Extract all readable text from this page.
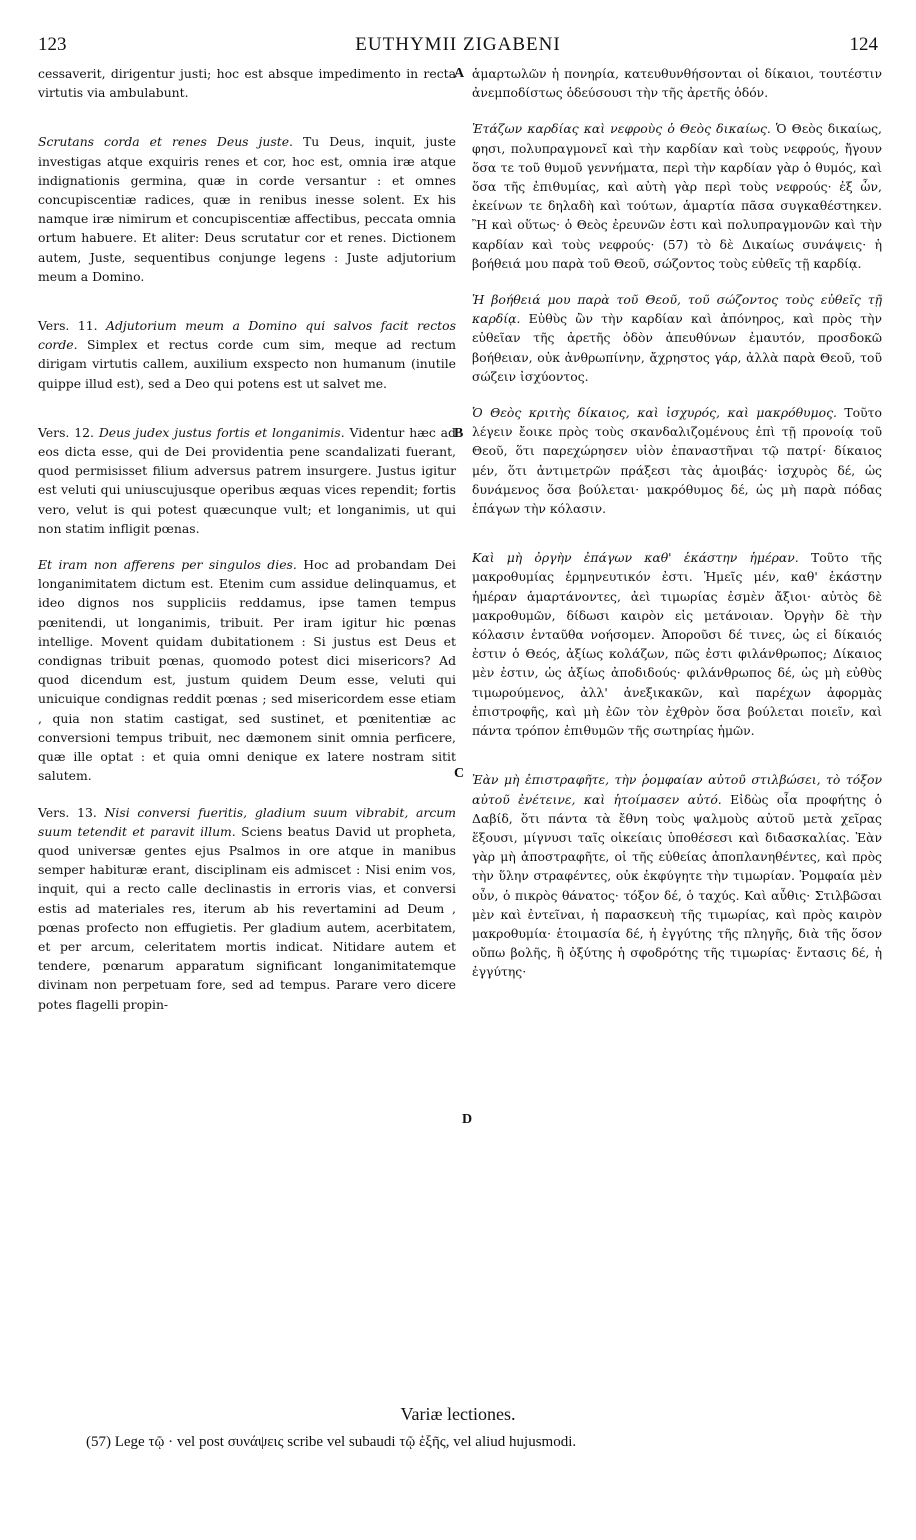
123	EUTHYMII ZIGABENI	124
A
B
C
D

cessaverit, dirigentur justi; hoc est absque impedimento in recta virtutis via ambulabunt.

Scrutans corda et renes Deus juste. Tu Deus, inquit, juste investigas atque exquiris renes et cor, hoc est, omnia iræ atque indignationis germina, quæ in corde versantur : et omnes concupiscentiæ radices, quæ in renibus inesse solent. Ex his namque iræ nimirum et concupiscentiæ affectibus, peccata omnia ortum habuere. Et aliter: Deus scrutatur cor et renes. Dictionem autem, Juste, sequentibus conjunge legens : Juste adjutorium meum a Domino.

Vers. 11. Adjutorium meum a Domino qui salvos facit rectos corde. Simplex et rectus corde cum sim, meque ad rectum dirigam virtutis callem, auxilium exspecto non humanum (inutile quippe illud est), sed a Deo qui potens est ut salvet me.

Vers. 12. Deus judex justus fortis et longanimis. Videntur hæc ad eos dicta esse, qui de Dei providentia pene scandalizati fuerant, quod permisisset filium adversus patrem insurgere. Justus igitur est veluti qui uniuscujusque operibus æquas vices rependit; fortis vero, velut is qui potest quæcunque vult; et longanimis, ut qui non statim infligit pœnas.

Et iram non afferens per singulos dies. Hoc ad probandam Dei longanimitatem dictum est. Etenim cum assidue delinquamus, et ideo dignos nos suppliciis reddamus, ipse tamen tempus pœnitendi, ut longanimis, tribuit. Per iram igitur hic pœnas intellige. Movent quidam dubitationem : Si justus est Deus et condignas tribuit pœnas, quomodo potest dici misericors? Ad quod dicendum est, justum quidem Deum esse, veluti qui unicuique condignas reddit pœnas ; sed misericordem esse etiam , quia non statim castigat, sed sustinet, et pœnitentiæ ac conversioni tempus tribuit, nec dæmonem sinit omnia perficere, quæ ille optat : et quia omni denique ex latere nostram sitit salutem.

Vers. 13. Nisi conversi fueritis, gladium suum vibrabit, arcum suum tetendit et paravit illum. Sciens beatus David ut propheta, quod universæ gentes ejus Psalmos in ore atque in manibus semper habituræ erant, disciplinam eis admiscet : Nisi enim vos, inquit, qui a recto calle declinastis in erroris vias, et conversi estis ad materiales res, iterum ab his revertamini ad Deum , pœnas profecto non effugietis. Per gladium autem, acerbitatem, et per arcum, celeritatem mortis indicat. Nitidare autem et tendere, pœnarum apparatum significant longanimitatemque divinam non perpetuam fore, sed ad tempus. Parare vero dicere potes flagelli propin-

ἁμαρτωλῶν ἡ πονηρία, κατευθυνθήσονται οἱ δίκαιοι, τουτέστιν ἀνεμποδίστως ὁδεύσουσι τὴν τῆς ἀρετῆς ὁδόν.

Ἐτάζων καρδίας καὶ νεφροὺς ὁ Θεὸς δικαίως. Ὁ Θεὸς δικαίως, φησι, πολυπραγμονεῖ καὶ τὴν καρδίαν καὶ τοὺς νεφρούς, ἤγουν ὅσα τε τοῦ θυμοῦ γεννήματα, περὶ τὴν καρδίαν γὰρ ὁ θυμός, καὶ ὅσα τῆς ἐπιθυμίας, καὶ αὐτὴ γὰρ περὶ τοὺς νεφρούς· ἐξ ὧν, ἐκείνων τε δηλαδὴ καὶ τούτων, ἁμαρτία πᾶσα συγκαθέστηκεν. Ἢ καὶ οὕτως· ὁ Θεὸς ἐρευνῶν ἐστι καὶ πολυπραγμονῶν καὶ τὴν καρδίαν καὶ τοὺς νεφρούς· (57) τὸ δὲ Δικαίως συνάψεις· ἡ βοήθειά μου παρὰ τοῦ Θεοῦ, σώζοντος τοὺς εὐθεῖς τῇ καρδίᾳ.

Ἡ βοήθειά μου παρὰ τοῦ Θεοῦ, τοῦ σώζοντος τοὺς εὐθεῖς τῇ καρδίᾳ. Εὐθὺς ὢν τὴν καρδίαν καὶ ἀπόνηρος, καὶ πρὸς τὴν εὐθεῖαν τῆς ἀρετῆς ὁδὸν ἀπευθύνων ἐμαυτόν, προσδοκῶ βοήθειαν, οὐκ ἀνθρωπίνην, ἄχρηστος γάρ, ἀλλὰ παρὰ Θεοῦ, τοῦ σώζειν ἰσχύοντος.

Ὁ Θεὸς κριτὴς δίκαιος, καὶ ἰσχυρός, καὶ μακρόθυμος. Τοῦτο λέγειν ἔοικε πρὸς τοὺς σκανδαλιζομένους ἐπὶ τῇ προνοίᾳ τοῦ Θεοῦ, ὅτι παρεχώρησεν υἱὸν ἐπαναστῆναι τῷ πατρί· δίκαιος μέν, ὅτι ἀντιμετρῶν πράξεσι τὰς ἀμοιβάς· ἰσχυρὸς δέ, ὡς δυνάμενος ὅσα βούλεται· μακρόθυμος δέ, ὡς μὴ παρὰ πόδας ἐπάγων τὴν κόλασιν.

Καὶ μὴ ὀργὴν ἐπάγων καθ' ἑκάστην ἡμέραν. Τοῦτο τῆς μακροθυμίας ἑρμηνευτικόν ἐστι. Ἡμεῖς μέν, καθ' ἑκάστην ἡμέραν ἁμαρτάνοντες, ἀεὶ τιμωρίας ἐσμὲν ἄξιοι· αὐτὸς δὲ μακροθυμῶν, δίδωσι καιρὸν εἰς μετάνοιαν. Ὀργὴν δὲ τὴν κόλασιν ἐνταῦθα νοήσομεν. Ἀποροῦσι δέ τινες, ὡς εἰ δίκαιός ἐστιν ὁ Θεός, ἀξίως κολάζων, πῶς ἐστι φιλάνθρωπος; Δίκαιος μὲν ἐστιν, ὡς ἀξίως ἀποδιδούς· φιλάνθρωπος δέ, ὡς μὴ εὐθὺς τιμωρούμενος, ἀλλ' ἀνεξικακῶν, καὶ παρέχων ἀφορμὰς ἐπιστροφῆς, καὶ μὴ ἐῶν τὸν ἐχθρὸν ὅσα βούλεται ποιεῖν, καὶ πάντα τρόπον ἐπιθυμῶν τῆς σωτηρίας ἡμῶν.

Ἐὰν μὴ ἐπιστραφῆτε, τὴν ῥομφαίαν αὐτοῦ στιλβώσει, τὸ τόξον αὐτοῦ ἐνέτεινε, καὶ ἡτοίμασεν αὐτό. Εἰδὼς οἷα προφήτης ὁ Δαβίδ, ὅτι πάντα τὰ ἔθνη τοὺς ψαλμοὺς αὐτοῦ μετὰ χεῖρας ἕξουσι, μίγνυσι ταῖς οἰκείαις ὑποθέσεσι καὶ διδασκαλίας. Ἐὰν γὰρ μὴ ἀποστραφῆτε, οἱ τῆς εὐθείας ἀποπλανηθέντες, καὶ πρὸς τὴν ὕλην στραφέντες, οὐκ ἐκφύγητε τὴν τιμωρίαν. Ῥομφαία μὲν οὖν, ὁ πικρὸς θάνατος· τόξον δέ, ὁ ταχύς. Καὶ αὖθις· Στιλβῶσαι μὲν καὶ ἐντεῖναι, ἡ παρασκευὴ τῆς τιμωρίας, καὶ πρὸς καιρὸν μακροθυμία· ἑτοιμασία δέ, ἡ ἐγγύτης τῆς πληγῆς, διὰ τῆς ὅσον οὔπω βολῆς, ἢ ὀξύτης ἡ σφοδρότης τῆς τιμωρίας· ἔντασις δέ, ἡ ἐγγύτης·

Variæ lectiones.
(57) Lege τῷ · vel post συνάψεις scribe vel subaudi τῷ ἑξῆς, vel aliud hujusmodi.
